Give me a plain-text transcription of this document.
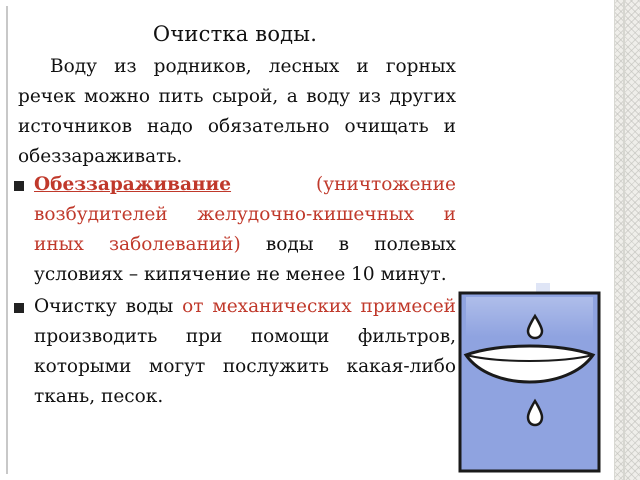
Очистка воды.

Воду из родников, лесных и горных речек можно пить сырой, а воду из других источников надо обязательно очищать и обеззараживать.

Обеззараживание (уничтожение возбудителей желудочно-кишечных и иных заболеваний) воды в полевых условиях – кипячение не менее 10 минут.
Очистку воды от механических примесей производить при помощи фильтров, которыми могут послужить какая-либо ткань, песок.
